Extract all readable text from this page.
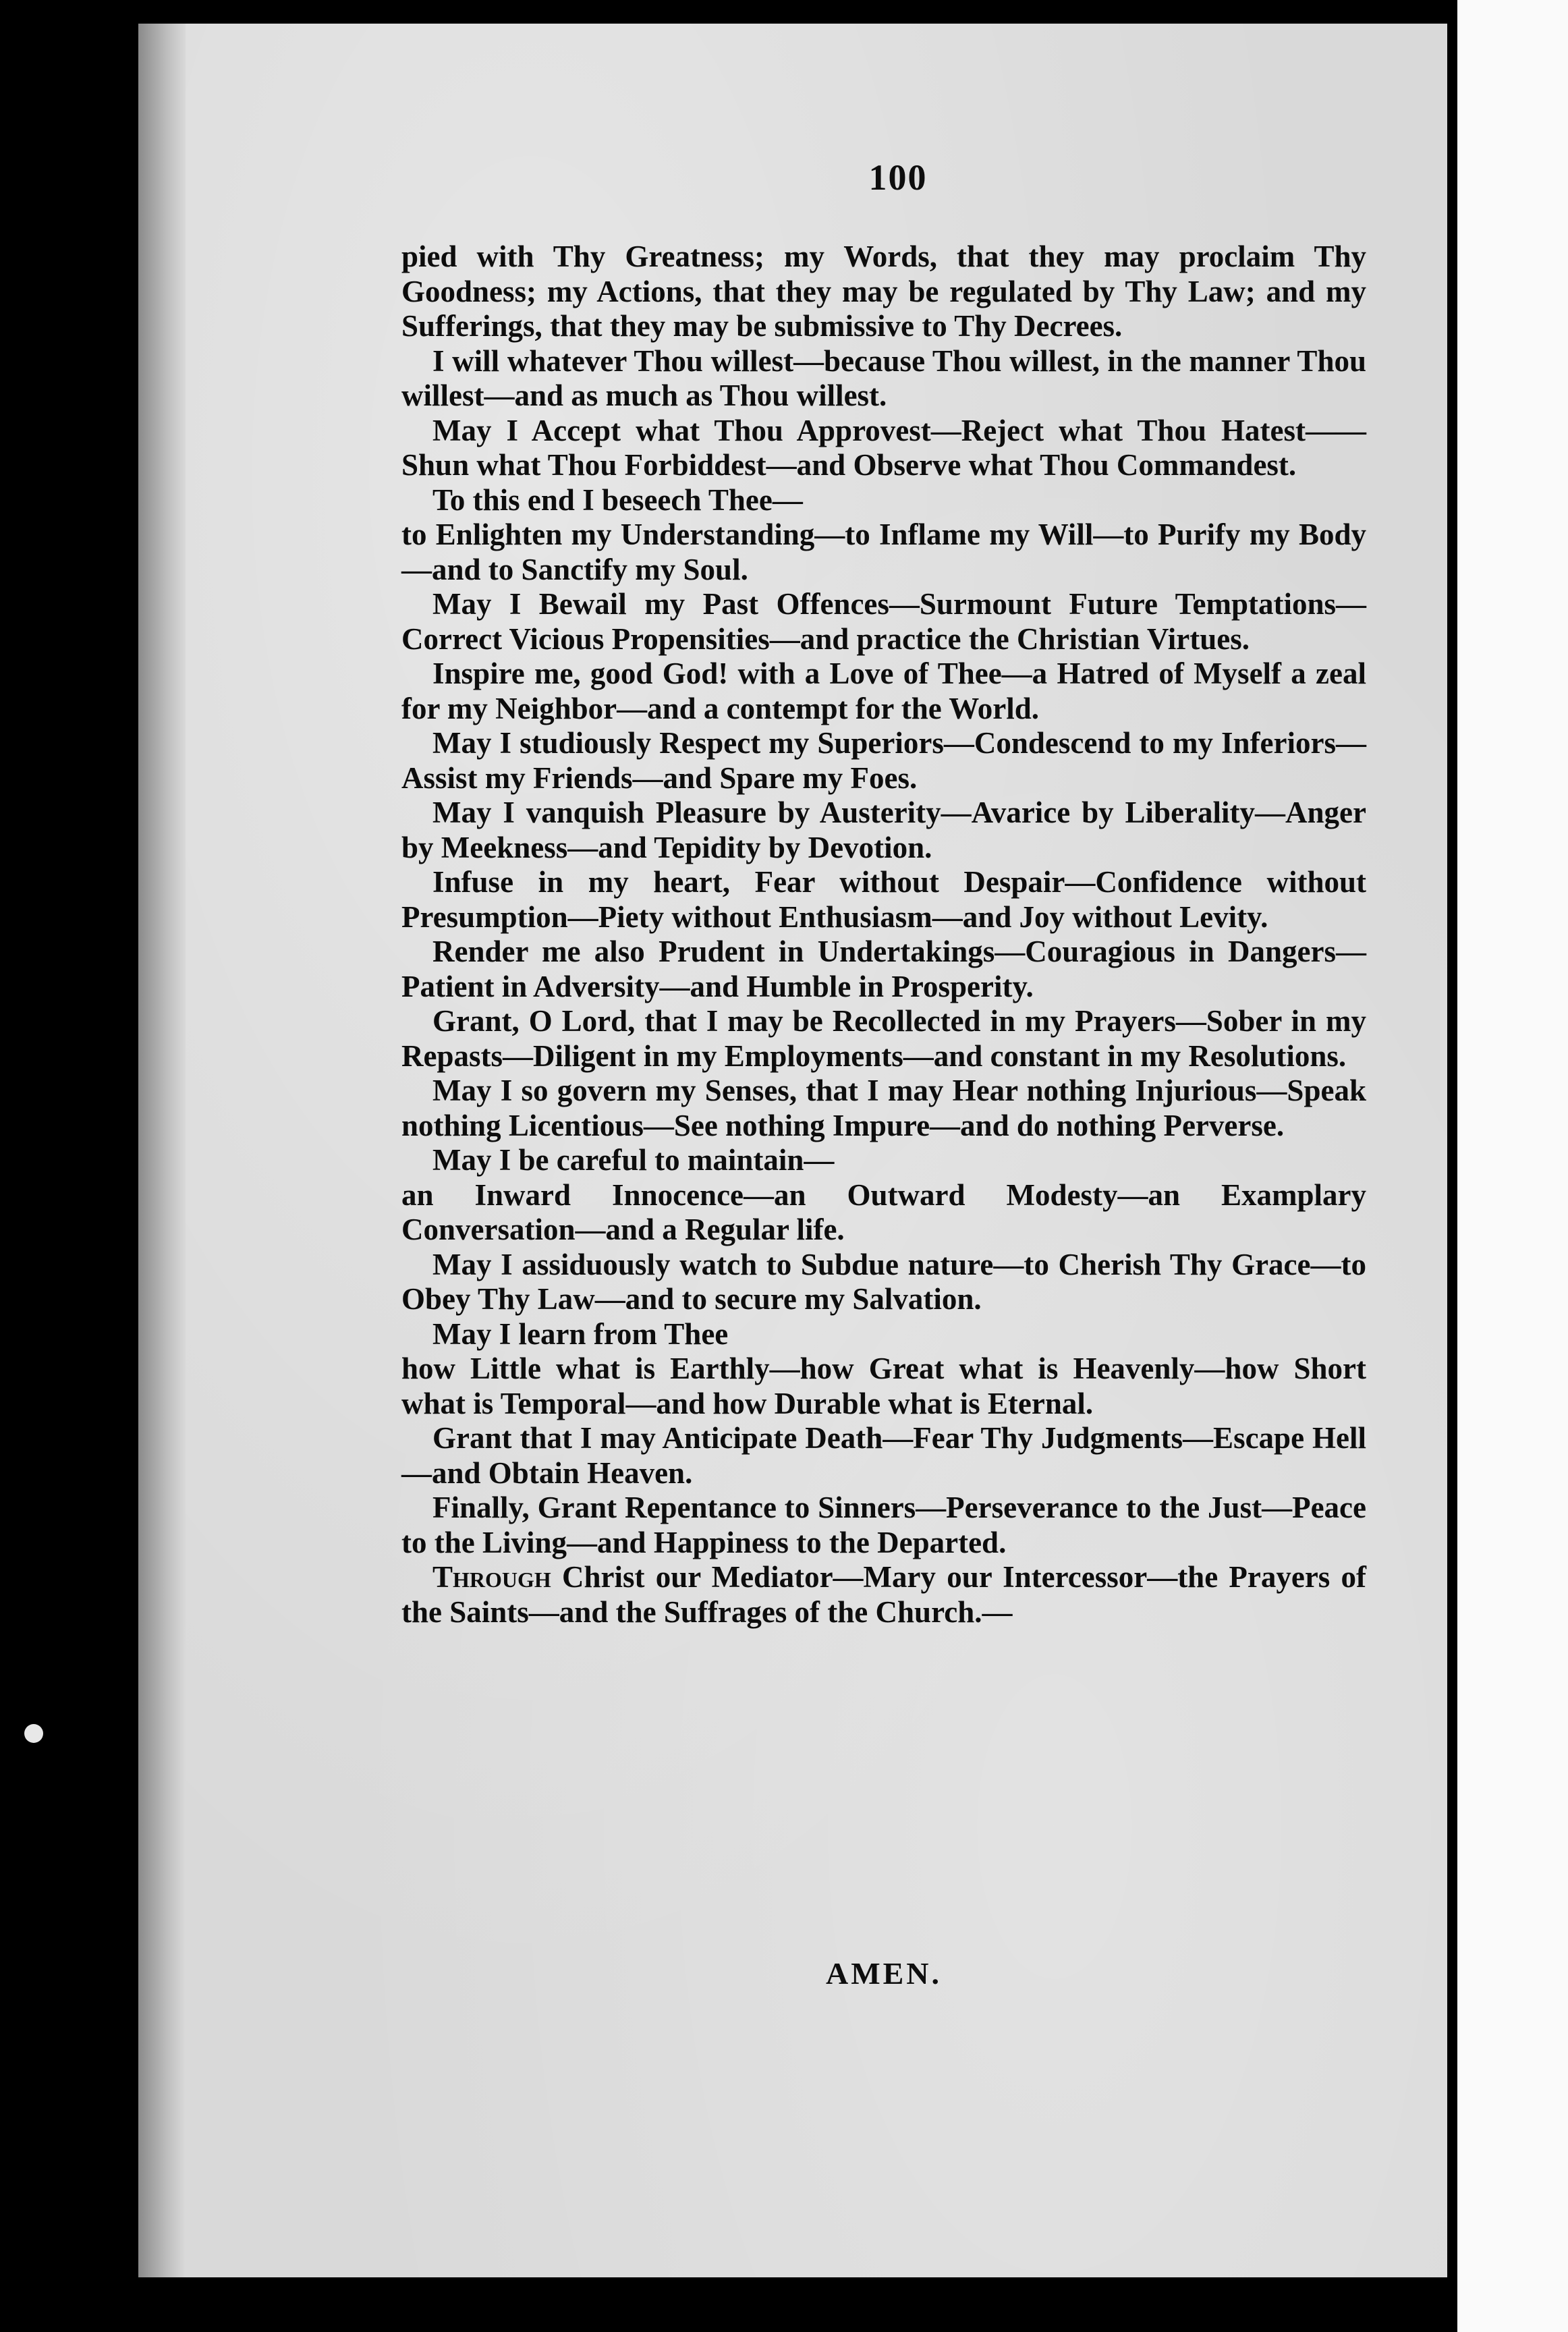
100

pied with Thy Greatness; my Words, that they may proclaim Thy Goodness; my Actions, that they may be regulated by Thy Law; and my Sufferings, that they may be submissive to Thy Decrees.

I will whatever Thou willest—because Thou willest, in the manner Thou willest—and as much as Thou willest.

May I Accept what Thou Approvest—Reject what Thou Hatest——Shun what Thou Forbiddest—and Observe what Thou Commandest.

To this end I beseech Thee—

to Enlighten my Understanding—to Inflame my Will—to Purify my Body—and to Sanctify my Soul.

May I Bewail my Past Offences—Surmount Future Temptations—Correct Vicious Propensities—and practice the Christian Virtues.

Inspire me, good God! with a Love of Thee—a Hatred of Myself a zeal for my Neighbor—and a contempt for the World.

May I studiously Respect my Superiors—Condescend to my Inferiors—Assist my Friends—and Spare my Foes.

May I vanquish Pleasure by Austerity—Avarice by Liberality—Anger by Meekness—and Tepidity by Devotion.

Infuse in my heart, Fear without Despair—Confidence without Presumption—Piety without Enthusiasm—and Joy without Levity.

Render me also Prudent in Undertakings—Couragious in Dangers—Patient in Adversity—and Humble in Prosperity.

Grant, O Lord, that I may be Recollected in my Prayers—Sober in my Repasts—Diligent in my Employments—and constant in my Resolutions.

May I so govern my Senses, that I may Hear nothing Injurious—Speak nothing Licentious—See nothing Impure—and do nothing Perverse.

May I be careful to maintain—

an Inward Innocence—an Outward Modesty—an Examplary Conversation—and a Regular life.

May I assiduously watch to Subdue nature—to Cherish Thy Grace—to Obey Thy Law—and to secure my Salvation.

May I learn from Thee

how Little what is Earthly—how Great what is Heavenly—how Short what is Temporal—and how Durable what is Eternal.

Grant that I may Anticipate Death—Fear Thy Judgments—Escape Hell—and Obtain Heaven.

Finally, Grant Repentance to Sinners—Perseverance to the Just—Peace to the Living—and Happiness to the Departed.

Through Christ our Mediator—Mary our Intercessor—the Prayers of the Saints—and the Suffrages of the Church.—

AMEN.
